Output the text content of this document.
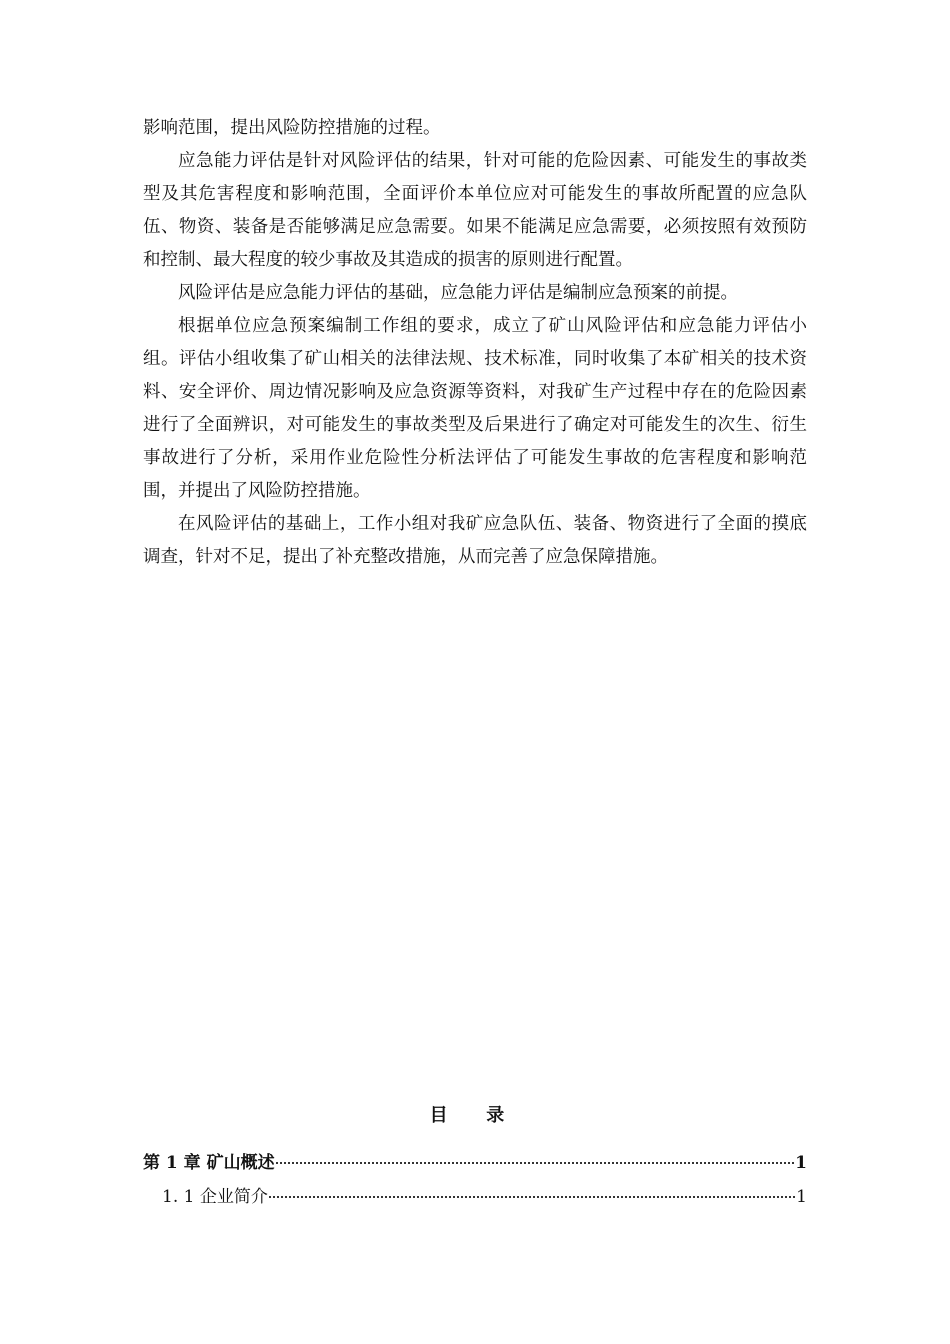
影响范围，提出风险防控措施的过程。

应急能力评估是针对风险评估的结果，针对可能的危险因素、可能发生的事故类型及其危害程度和影响范围，全面评价本单位应对可能发生的事故所配置的应急队伍、物资、装备是否能够满足应急需要。如果不能满足应急需要，必须按照有效预防和控制、最大程度的较少事故及其造成的损害的原则进行配置。

风险评估是应急能力评估的基础，应急能力评估是编制应急预案的前提。

根据单位应急预案编制工作组的要求，成立了矿山风险评估和应急能力评估小组。评估小组收集了矿山相关的法律法规、技术标准，同时收集了本矿相关的技术资料、安全评价、周边情况影响及应急资源等资料，对我矿生产过程中存在的危险因素进行了全面辨识，对可能发生的事故类型及后果进行了确定对可能发生的次生、衍生事故进行了分析，采用作业危险性分析法评估了可能发生事故的危害程度和影响范围，并提出了风险防控措施。

在风险评估的基础上，工作小组对我矿应急队伍、装备、物资进行了全面的摸底调查，针对不足，提出了补充整改措施，从而完善了应急保障措施。

目 录
第 1 章 矿山概述	1
1. 1 企业简介	1
